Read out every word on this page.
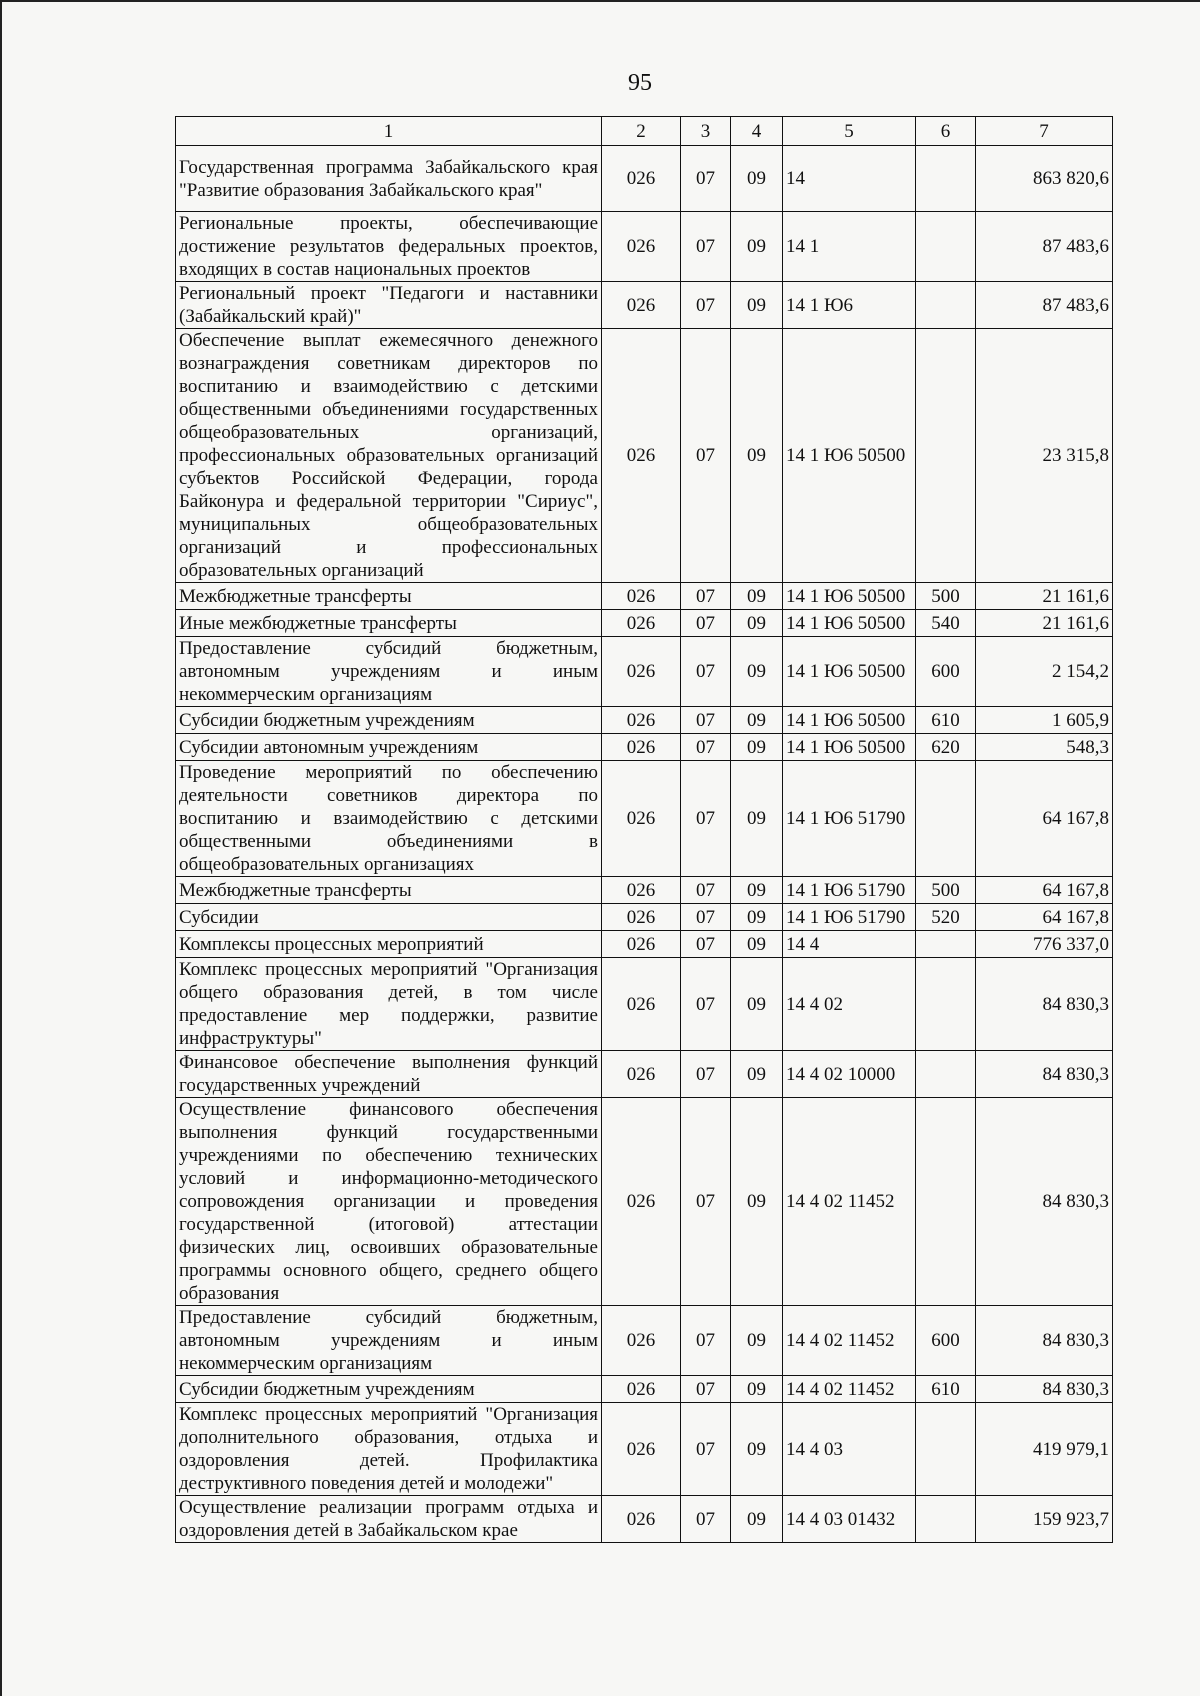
95
1	2	3	4	5	6	7
Государственная программа Забайкальского края "Развитие образования Забайкальского края"	026	07	09	14		863 820,6
Региональные проекты, обеспечивающие достижение результатов федеральных проектов, входящих в состав национальных проектов	026	07	09	14 1		87 483,6
Региональный проект "Педагоги и наставники (Забайкальский край)"	026	07	09	14 1 Ю6		87 483,6
Обеспечение выплат ежемесячного денежного вознаграждения советникам директоров по воспитанию и взаимодействию с детскими общественными объединениями государственных общеобразовательных организаций, профессиональных образовательных организаций субъектов Российской Федерации, города Байконура и федеральной территории "Сириус", муниципальных общеобразовательных организаций и профессиональных образовательных организаций	026	07	09	14 1 Ю6 50500		23 315,8
Межбюджетные трансферты	026	07	09	14 1 Ю6 50500	500	21 161,6
Иные межбюджетные трансферты	026	07	09	14 1 Ю6 50500	540	21 161,6
Предоставление субсидий бюджетным, автономным учреждениям и иным некоммерческим организациям	026	07	09	14 1 Ю6 50500	600	2 154,2
Субсидии бюджетным учреждениям	026	07	09	14 1 Ю6 50500	610	1 605,9
Субсидии автономным учреждениям	026	07	09	14 1 Ю6 50500	620	548,3
Проведение мероприятий по обеспечению деятельности советников директора по воспитанию и взаимодействию с детскими общественными объединениями в общеобразовательных организациях	026	07	09	14 1 Ю6 51790		64 167,8
Межбюджетные трансферты	026	07	09	14 1 Ю6 51790	500	64 167,8
Субсидии	026	07	09	14 1 Ю6 51790	520	64 167,8
Комплексы процессных мероприятий	026	07	09	14 4		776 337,0
Комплекс процессных мероприятий "Организация общего образования детей, в том числе предоставление мер поддержки, развитие инфраструктуры"	026	07	09	14 4 02		84 830,3
Финансовое обеспечение выполнения функций государственных учреждений	026	07	09	14 4 02 10000		84 830,3
Осуществление финансового обеспечения выполнения функций государственными учреждениями по обеспечению технических условий и информационно-методического сопровождения организации и проведения государственной (итоговой) аттестации физических лиц, освоивших образовательные программы основного общего, среднего общего образования	026	07	09	14 4 02 11452		84 830,3
Предоставление субсидий бюджетным, автономным учреждениям и иным некоммерческим организациям	026	07	09	14 4 02 11452	600	84 830,3
Субсидии бюджетным учреждениям	026	07	09	14 4 02 11452	610	84 830,3
Комплекс процессных мероприятий "Организация дополнительного образования, отдыха и оздоровления детей. Профилактика деструктивного поведения детей и молодежи"	026	07	09	14 4 03		419 979,1
Осуществление реализации программ отдыха и оздоровления детей в Забайкальском крае	026	07	09	14 4 03 01432		159 923,7
